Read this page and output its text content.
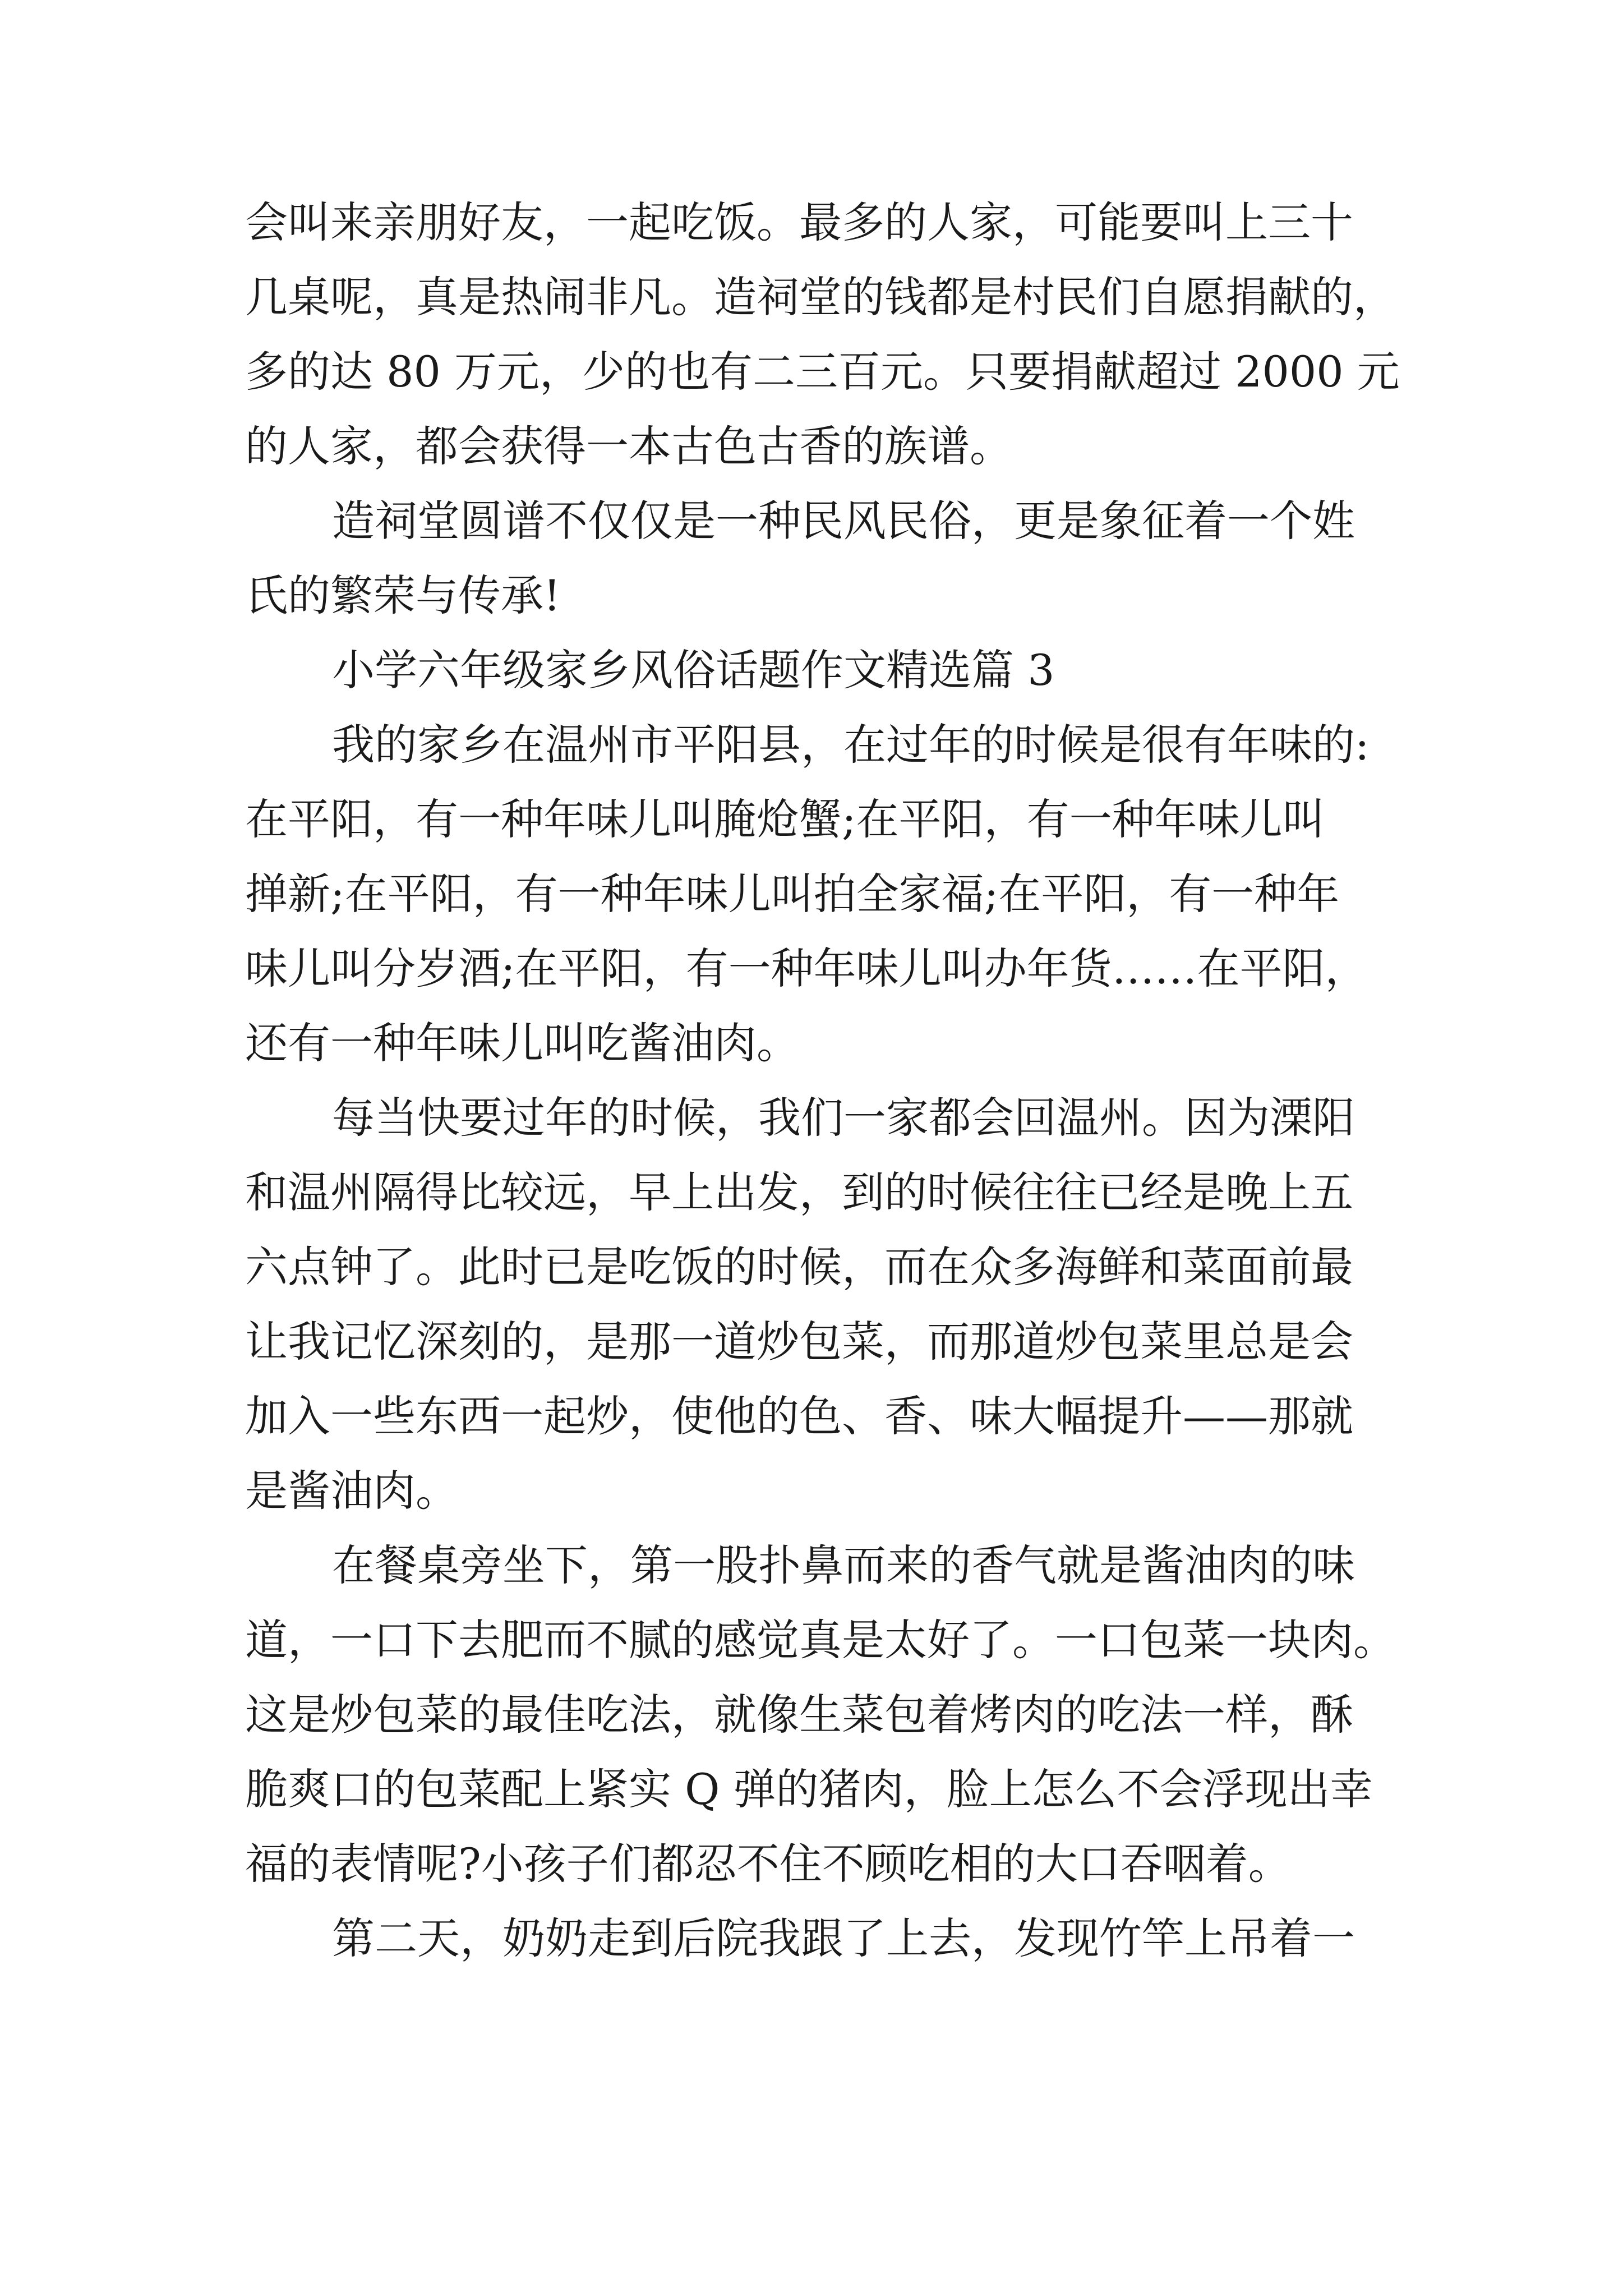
会叫来亲朋好友，一起吃饭。最多的人家，可能要叫上三十
几桌呢，真是热闹非凡。造祠堂的钱都是村民们自愿捐献的，
多的达 80 万元，少的也有二三百元。只要捐献超过 2000 元
的人家，都会获得一本古色古香的族谱。
造祠堂圆谱不仅仅是一种民风民俗，更是象征着一个姓
氏的繁荣与传承!
小学六年级家乡风俗话题作文精选篇 3
我的家乡在温州市平阳县，在过年的时候是很有年味的:
在平阳，有一种年味儿叫腌炝蟹;在平阳，有一种年味儿叫
掸新;在平阳，有一种年味儿叫拍全家福;在平阳，有一种年
味儿叫分岁酒;在平阳，有一种年味儿叫办年货……在平阳，
还有一种年味儿叫吃酱油肉。
每当快要过年的时候，我们一家都会回温州。因为溧阳
和温州隔得比较远，早上出发，到的时候往往已经是晚上五
六点钟了。此时已是吃饭的时候，而在众多海鲜和菜面前最
让我记忆深刻的，是那一道炒包菜，而那道炒包菜里总是会
加入一些东西一起炒，使他的色、香、味大幅提升——那就
是酱油肉。
在餐桌旁坐下，第一股扑鼻而来的香气就是酱油肉的味
道，一口下去肥而不腻的感觉真是太好了。一口包菜一块肉。
这是炒包菜的最佳吃法，就像生菜包着烤肉的吃法一样，酥
脆爽口的包菜配上紧实 Q 弹的猪肉，脸上怎么不会浮现出幸
福的表情呢?小孩子们都忍不住不顾吃相的大口吞咽着。
第二天，奶奶走到后院我跟了上去，发现竹竿上吊着一
